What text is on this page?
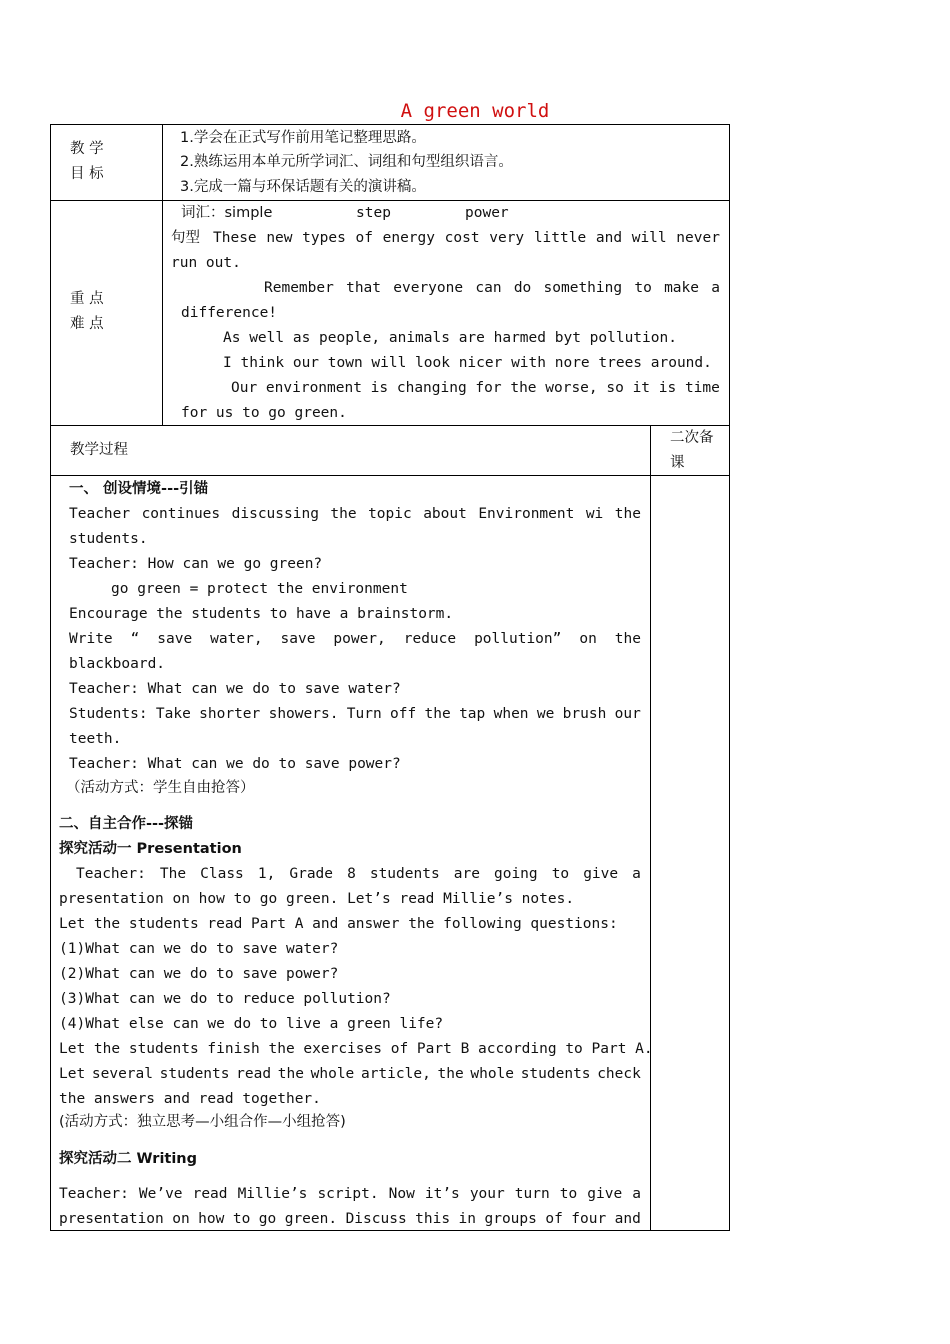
A green world
教 学
目 标
1.学会在正式写作前用笔记整理思路。
2.熟练运用本单元所学词汇、词组和句型组织语言。
3.完成一篇与环保话题有关的演讲稿。
重 点
难 点
词汇：simple	step	power
句型 These new types of energy cost very little and will never
run out.
Remember that everyone can do something to make a
difference!
As well as people, animals are harmed byt pollution.
I think our town will look nicer with nore trees around.
Our environment is changing for the worse, so it is time
for us to go green.
教学过程
二次备
课
一、 创设情境---引锚
Teacher continues discussing the topic about Environment wi the
students.
Teacher: How can we go green?
go green = protect the environment
Encourage the students to have a brainstorm.
Write “ save water, save power, reduce pollution” on the
blackboard.
Teacher: What can we do to save water?
Students: Take shorter showers. Turn off the tap when we brush our
teeth.
Teacher: What can we do to save power?
（活动方式：学生自由抢答）
二、自主合作---探锚
探究活动一 Presentation
Teacher: The Class 1, Grade 8 students are going to give a
presentation on how to go green. Let’s read Millie’s notes.
Let the students read Part A and answer the following questions:
(1)What can we do to save water?
(2)What can we do to save power?
(3)What can we do to reduce pollution?
(4)What else can we do to live a green life?
Let the students finish the exercises of Part B according to Part A.
Let several students read the whole article, the whole students check
the answers and read together.
(活动方式：独立思考—小组合作—小组抢答)
探究活动二 Writing
Teacher: We’ve read Millie’s script. Now it’s your turn to give a
presentation on how to go green. Discuss this in groups of four and
